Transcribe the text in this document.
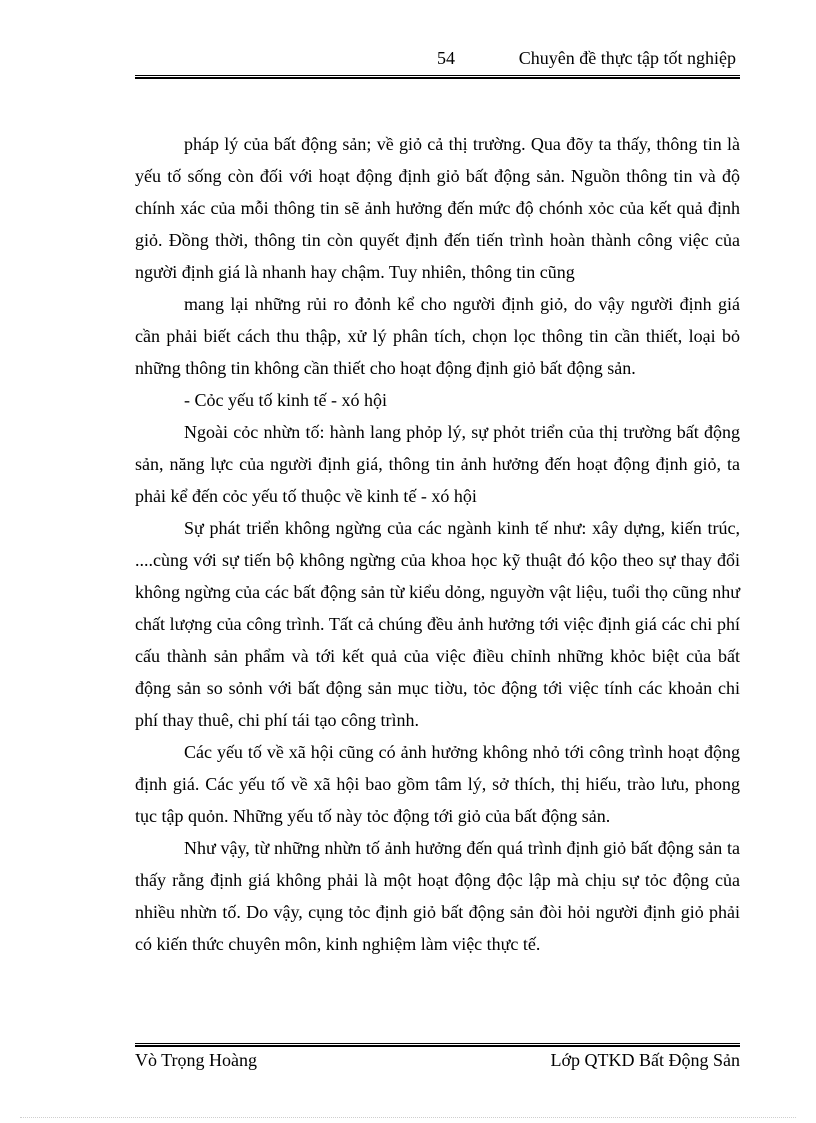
54	Chuyên đề thực tập tốt nghiệp

pháp lý của bất động sản; về giỏ cả thị trường. Qua đõy ta thấy, thông tin là yếu tố sống còn đối với hoạt động định giỏ bất động sản. Nguồn thông tin và độ chính xác của mỗi thông tin sẽ ảnh hưởng đến mức độ chónh xỏc của kết quả định giỏ. Đồng thời, thông tin còn quyết định đến tiến trình hoàn thành công việc của người định giá là nhanh hay chậm. Tuy nhiên, thông tin cũng

mang lại những rủi ro đỏnh kể cho người định giỏ, do vậy người định giá cần phải biết cách thu thập, xử lý phân tích, chọn lọc thông tin cần thiết, loại bỏ những thông tin không cần thiết cho hoạt động định giỏ bất động sản.

- Cỏc yếu tố kinh tế - xó hội

Ngoài cỏc nhừn tố: hành lang phỏp lý, sự phỏt triển của thị trường bất động sản, năng lực của người định giá, thông tin ảnh hưởng đến hoạt động định giỏ, ta phải kể đến cỏc yếu tố thuộc về kinh tế - xó hội

Sự phát triển không ngừng của các ngành kinh tế như: xây dựng, kiến trúc, ....cùng với sự tiến bộ không ngừng của khoa học kỹ thuật đó kộo theo sự thay đổi không ngừng của các bất động sản từ kiểu dỏng, nguyờn vật liệu, tuổi thọ cũng như chất lượng của công trình. Tất cả chúng đều ảnh hưởng tới việc định giá các chi phí cấu thành sản phẩm và tới kết quả của việc điều chỉnh những khỏc biệt của bất động sản so sỏnh với bất động sản mục tiờu, tỏc động tới việc tính các khoản chi phí thay thuê, chi phí tái tạo công trình.

Các yếu tố về xã hội cũng có ảnh hưởng không nhỏ tới công trình hoạt động định giá. Các yếu tố về xã hội bao gồm tâm lý, sở thích, thị hiếu, trào lưu, phong tục tập quỏn. Những yếu tố này tỏc động tới giỏ của bất động sản.

Như vậy, từ những nhừn tố ảnh hưởng đến quá trình định giỏ bất động sản ta thấy rằng định giá không phải là một hoạt động độc lập mà chịu sự tỏc động của nhiều nhừn tố. Do vậy, cụng tỏc định giỏ bất động sản đòi hỏi người định giỏ phải có kiến thức chuyên môn, kinh nghiệm làm việc thực tế.

Vò Trọng Hoàng	Lớp QTKD Bất Động Sản
